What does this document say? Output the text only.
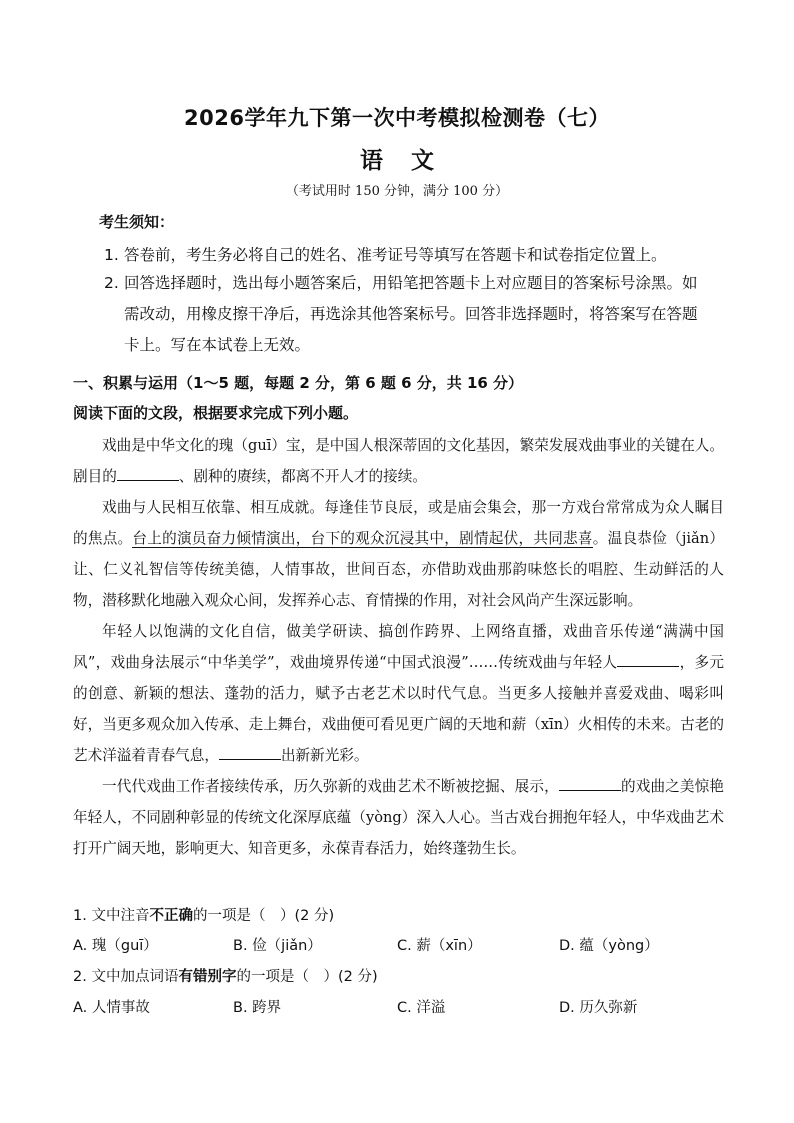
2026学年九下第一次中考模拟检测卷（七）
语文
（考试用时 150 分钟，满分 100 分）
考生须知：
1. 答卷前，考生务必将自己的姓名、准考证号等填写在答题卡和试卷指定位置上。
2. 回答选择题时，选出每小题答案后，用铅笔把答题卡上对应题目的答案标号涂黑。如
需改动，用橡皮擦干净后，再选涂其他答案标号。回答非选择题时，将答案写在答题
卡上。写在本试卷上无效。
一、积累与运用（1～5 题，每题 2 分，第 6 题 6 分，共 16 分）
阅读下面的文段，根据要求完成下列小题。

戏曲是中华文化的瑰（guī）宝，是中国人根深蒂固的文化基因，繁荣发展戏曲事业的关键在人。剧目的	、剧种的赓续，都离不开人才的接续。

戏曲与人民相互依靠、相互成就。每逢佳节良辰，或是庙会集会，那一方戏台常常成为众人瞩目的焦点。台上的演员奋力倾情演出，台下的观众沉浸其中，剧情起伏，共同悲喜。温良恭俭（jiǎn）让、仁义礼智信等传统美德，人情事故，世间百态，亦借助戏曲那韵味悠长的唱腔、生动鲜活的人物，潜移默化地融入观众心间，发挥养心志、育情操的作用，对社会风尚产生深远影响。

年轻人以饱满的文化自信，做美学研读、搞创作跨界、上网络直播，戏曲音乐传递“满满中国风”，戏曲身法展示“中华美学”，戏曲境界传递“中国式浪漫”……传统戏曲与年轻人	，多元的创意、新颖的想法、蓬勃的活力，赋予古老艺术以时代气息。当更多人接触并喜爱戏曲、喝彩叫好，当更多观众加入传承、走上舞台，戏曲便可看见更广阔的天地和薪（xīn）火相传的未来。古老的艺术洋溢着青春气息，	出新新光彩。

一代代戏曲工作者接续传承，历久弥新的戏曲艺术不断被挖掘、展示，	的戏曲之美惊艳年轻人，不同剧种彰显的传统文化深厚底蕴（yòng）深入人心。当古戏台拥抱年轻人，中华戏曲艺术打开广阔天地，影响更大、知音更多，永葆青春活力，始终蓬勃生长。

1. 文中注音不正确的一项是（　）(2 分)
A. 瑰（guī）	B. 俭（jiǎn）	C. 薪（xīn）	D. 蕴（yòng）
2. 文中加点词语有错别字的一项是（　）(2 分)
A. 人情事故	B. 跨界	C. 洋溢	D. 历久弥新
